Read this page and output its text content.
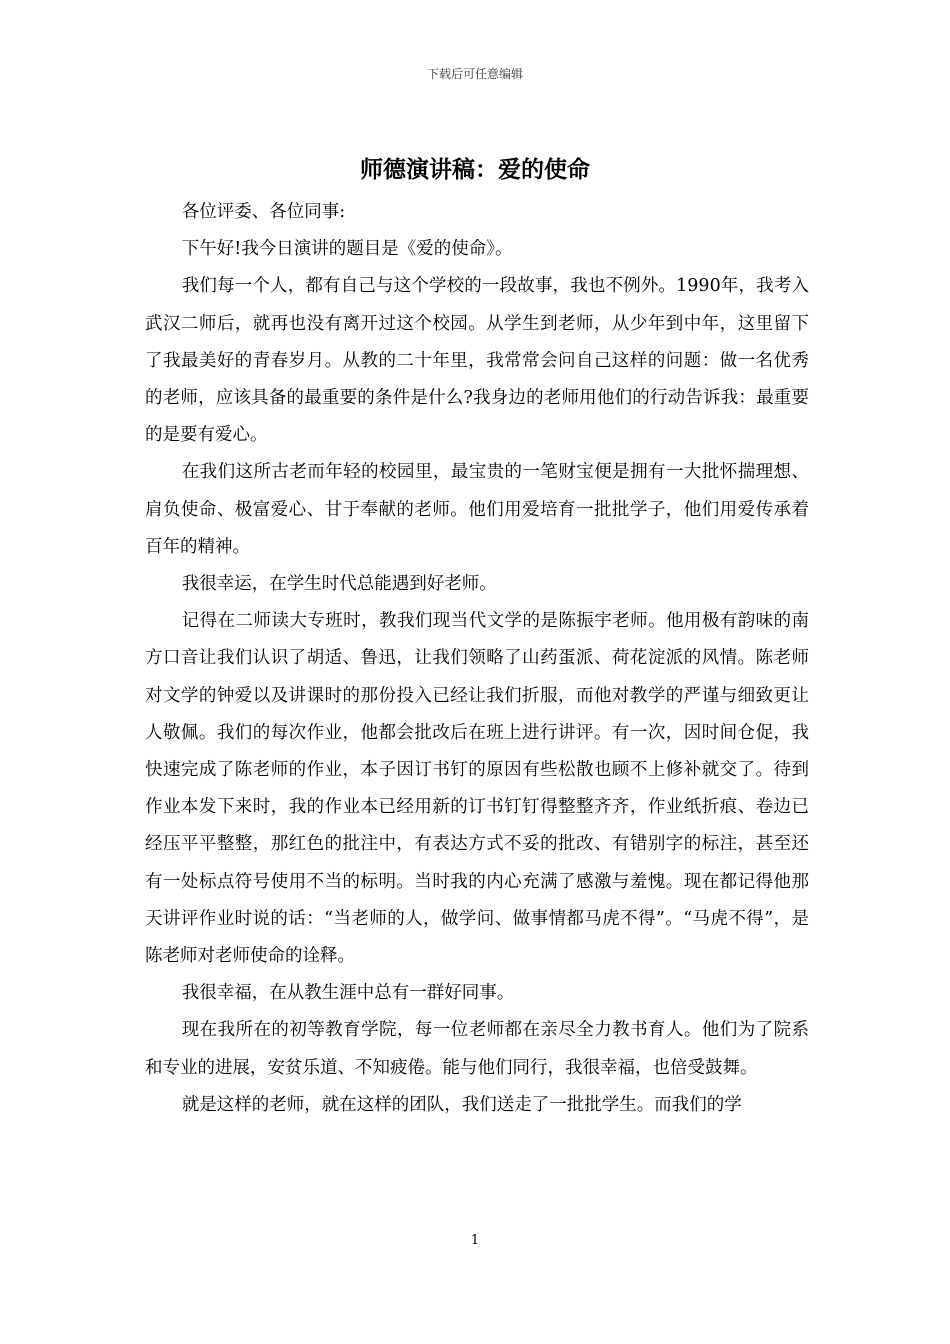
下载后可任意编辑
师德演讲稿：爱的使命

各位评委、各位同事:

下午好!我今日演讲的题目是《爱的使命》。

我们每一个人，都有自己与这个学校的一段故事，我也不例外。1990年，我考入武汉二师后，就再也没有离开过这个校园。从学生到老师，从少年到中年，这里留下了我最美好的青春岁月。从教的二十年里，我常常会问自己这样的问题：做一名优秀的老师，应该具备的最重要的条件是什么?我身边的老师用他们的行动告诉我：最重要的是要有爱心。

在我们这所古老而年轻的校园里，最宝贵的一笔财宝便是拥有一大批怀揣理想、肩负使命、极富爱心、甘于奉献的老师。他们用爱培育一批批学子，他们用爱传承着百年的精神。

我很幸运，在学生时代总能遇到好老师。

记得在二师读大专班时，教我们现当代文学的是陈振宇老师。他用极有韵味的南方口音让我们认识了胡适、鲁迅，让我们领略了山药蛋派、荷花淀派的风情。陈老师对文学的钟爱以及讲课时的那份投入已经让我们折服，而他对教学的严谨与细致更让人敬佩。我们的每次作业，他都会批改后在班上进行讲评。有一次，因时间仓促，我快速完成了陈老师的作业，本子因订书钉的原因有些松散也顾不上修补就交了。待到作业本发下来时，我的作业本已经用新的订书钉钉得整整齐齐，作业纸折痕、卷边已经压平平整整，那红色的批注中，有表达方式不妥的批改、有错别字的标注，甚至还有一处标点符号使用不当的标明。当时我的内心充满了感激与羞愧。现在都记得他那天讲评作业时说的话：“当老师的人，做学问、做事情都马虎不得”。“马虎不得”，是陈老师对老师使命的诠释。

我很幸福，在从教生涯中总有一群好同事。

现在我所在的初等教育学院，每一位老师都在亲尽全力教书育人。他们为了院系和专业的进展，安贫乐道、不知疲倦。能与他们同行，我很幸福，也倍受鼓舞。

就是这样的老师，就在这样的团队，我们送走了一批批学生。而我们的学

1
